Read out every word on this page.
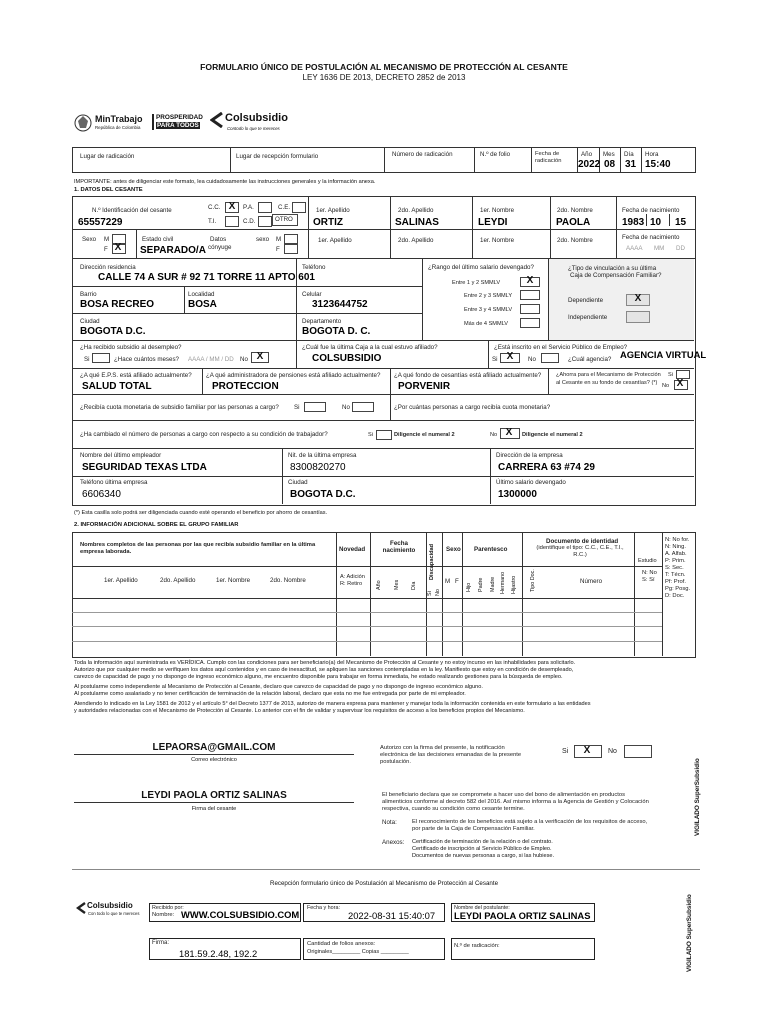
FORMULARIO ÚNICO DE POSTULACIÓN AL MECANISMO DE PROTECCIÓN AL CESANTE
LEY 1636 DE 2013, DECRETO 2852 de 2013
MinTrabajo
República de Colombia
PROSPERIDAD
PARA TODOS
Colsubsidio
Contodo lo que te mereces
Lugar de radicación	Lugar de recepción formulario	Número de radicación	N.º de folio	Fecha de radicación
Año Mes Día Hora
2022 08 31 15:40
IMPORTANTE: antes de diligenciar este formato, lea cuidadosamente las instrucciones generales y la información anexa.
1. DATOS DEL CESANTE
N.º Identificación del cesante
65557229
C.C. X	P.A.	C.E.
T.I.	C.D.	OTRO
1er. Apellido
ORTIZ
2do. Apellido
SALINAS
1er. Nombre
LEYDI
2do. Nombre
PAOLA
Fecha de nacimiento
1983 10 15
Sexo M
F X
Estado civil
SEPARADO/A
Datos
cónyuge
sexo M
F
1er. Apellido	2do. Apellido	1er. Nombre	2do. Nombre	Fecha de nacimiento
AAAA MM DD
Dirección residencia
CALLE 74 A SUR # 92 71 TORRE 11 APTO 601
Teléfono
Barrio
BOSA RECREO
Localidad
BOSA
Celular
3123644752
Ciudad
BOGOTA D.C.
Departamento
BOGOTA D. C.
¿Rango del último salario devengado?
Entre 1 y 2 SMMLV	X
Entre 2 y 3 SMMLY
Entre 3 y 4 SMMLV
Más de 4 SMMLV
¿Tipo de vinculación a su última
Caja de Compensación Familiar?
Dependiente	X
Independiente
¿Ha recibido subsidio al desempleo?
Si	¿Hace cuántos meses? AAAA / MM / DD No X
¿Cuál fue la última Caja a la cual estuvo afiliado?
COLSUBSIDIO
¿Está inscrito en el Servicio Público de Empleo?
Si X	No	¿Cuál agencia? AGENCIA VIRTUAL
¿A qué E.P.S. está afiliado actualmente?
SALUD TOTAL
¿A qué administradora de pensiones está afiliado actualmente?
PROTECCION
¿A qué fondo de cesantías está afiliado actualmente?
PORVENIR
¿Ahorra para el Mecanismo de Protección
al Cesante en su fondo de cesantías? (*)
Si
No X
¿Recibía cuota monetaria de subsidio familiar por las personas a cargo? Si	No	¿Por cuántas personas a cargo recibía cuota monetaria?
¿Ha cambiado el número de personas a cargo con respecto a su condición de trabajador?	Si	Diligencie el numeral 2	No X	Diligencie el numeral 2
Nombre del último empleador
SEGURIDAD TEXAS LTDA
Nit. de la última empresa
8300820270
Dirección de la empresa
CARRERA 63 #74 29
Teléfono última empresa
6606340
Ciudad
BOGOTA D.C.
Último salario devengado
1300000
(*) Esta casilla solo podrá ser diligenciada cuando esté operando el beneficio por ahorro de cesantías.
2. INFORMACIÓN ADICIONAL SOBRE EL GRUPO FAMILIAR
Nombres completos de las personas por las que recibía subsidio familiar en la última empresa laborada.
1er. Apellido	2do. Apellido	1er. Nombre	2do. Nombre
Novedad
A: Adición
R: Retiro
Fecha nacimiento
Año Mes Día
Discapacidad
Si No
Sexo
M F
Parentesco
Hijo Padre Madre Hermano Hijastro
Documento de identidad
(identifique el tipo: C.C., C.E., T.I., R.C.)
Tipo Doc.	Número
Estudio
N: No
S: Sí
N: No for.
N: Ning.
A. Alfab.
P: Prim.
S: Sec.
T: Técn.
Pf: Prof.
Pg: Posg.
D: Doc.
Toda la información aquí suministrada es VERÍDICA. Cumplo con las condiciones para ser beneficiario(a) del Mecanismo de Protección al Cesante y no estoy incurso en las inhabilidades para solicitarlo.
Autorizo que por cualquier medio se verifiquen los datos aquí contenidos y en caso de inexactitud, se apliquen las sanciones contempladas en la ley. Manifiesto que estoy en condición de desempleado,
carezco de capacidad de pago y no dispongo de ingreso económico alguno, me encuentro disponible para trabajar en forma inmediata, he estado realizando gestiones para la búsqueda de empleo.
Al postularme como independiente al Mecanismo de Protección al Cesante, declaro que carezco de capacidad de pago y no dispongo de ingreso económico alguno.
Al postularme como asalariado y no tener certificación de terminación de la relación laboral, declaro que esta no me fue entregada por parte de mi empleador.
Atendiendo lo indicado en la Ley 1581 de 2012 y el artículo 5° del Decreto 1377 de 2013, autorizo de manera expresa para mantener y manejar toda la información contenida en este formulario a las entidades
y autoridades relacionadas con el Mecanismo de Protección al Cesante. Lo anterior con el fin de validar y supervisar los requisitos de acceso a los beneficios propios del Mecanismo.
LEPAORSA@GMAIL.COM
Correo electrónico
Autorizo con la firma del presente, la notificación electrónica de las decisiones emanadas de la presente postulación.
Si	X	No
LEYDI PAOLA ORTIZ SALINAS
Firma del cesante
El beneficiario declara que se compromete a hacer uso del bono de alimentación en productos alimenticios conforme al decreto 582 del 2016. Así mismo informa a la Agencia de Gestión y Colocación respectiva, cuando su condición como cesante termine.
Nota:	El reconocimiento de los beneficios está sujeto a la verificación de los requisitos de acceso, por parte de la Caja de Compensación Familiar.
Anexos: Certificación de terminación de la relación o del contrato.
Certificado de inscripción al Servicio Público de Empleo.
Documentos de nuevas personas a cargo, si las hubiese.
VIGILADO SuperSubsidio
VIGILADO SuperSubsidio
Recepción formulario único de Postulación al Mecanismo de Protección al Cesante
Colsubsidio
Con todo lo que te mereces
Recibido por:
Nombre: WWW.COLSUBSIDIO.COM
Fecha y hora:
2022-08-31 15:40:07
Nombre del postulante:
LEYDI PAOLA ORTIZ SALINAS
Firma:
181.59.2.48, 192.2
Cantidad de folios anexos:
Originales_________ Copias _________
N.º de radicación:
